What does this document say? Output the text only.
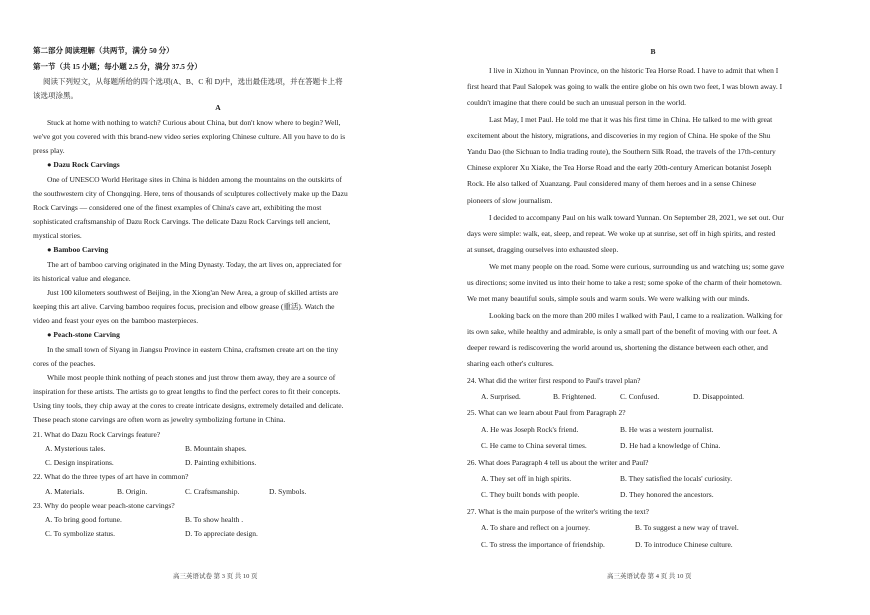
第二部分 阅读理解（共两节，满分 50 分）
第一节（共 15 小题；每小题 2.5 分，满分 37.5 分）
阅读下列短文，从每题所给的四个选项(A、B、C 和 D)中，选出最佳选项，并在答题卡上将
该选项涂黑。
A
Stuck at home with nothing to watch? Curious about China, but don't know where to begin? Well,
we've got you covered with this brand-new video series exploring Chinese culture. All you have to do is
press play.
● Dazu Rock Carvings
One of UNESCO World Heritage sites in China is hidden among the mountains on the outskirts of
the southwestern city of Chongqing. Here, tens of thousands of sculptures collectively make up the Dazu
Rock Carvings — considered one of the finest examples of China's cave art, exhibiting the most
sophisticated craftsmanship of Dazu Rock Carvings. The delicate Dazu Rock Carvings tell ancient,
mystical stories.
● Bamboo Carving
The art of bamboo carving originated in the Ming Dynasty. Today, the art lives on, appreciated for
its historical value and elegance.
Just 100 kilometers southwest of Beijing, in the Xiong'an New Area, a group of skilled artists are
keeping this art alive. Carving bamboo requires focus, precision and elbow grease (重活). Watch the
video and feast your eyes on the bamboo masterpieces.
● Peach-stone Carving
In the small town of Siyang in Jiangsu Province in eastern China, craftsmen create art on the tiny
cores of the peaches.
While most people think nothing of peach stones and just throw them away, they are a source of
inspiration for these artists. The artists go to great lengths to find the perfect cores to fit their concepts.
Using tiny tools, they chip away at the cores to create intricate designs, extremely detailed and delicate.
These peach stone carvings are often worn as jewelry symbolizing fortune in China.
21. What do Dazu Rock Carvings feature?
A. Mysterious tales.	B. Mountain shapes.
C. Design inspirations.	D. Painting exhibitions.
22. What do the three types of art have in common?
A. Materials.	B. Origin.	C. Craftsmanship.	D. Symbols.
23. Why do people wear peach-stone carvings?
A. To bring good fortune.	B. To show health .
C. To symbolize status.	D. To appreciate design.
高三英语试卷 第 3 页 共 10 页
B
I live in Xizhou in Yunnan Province, on the historic Tea Horse Road. I have to admit that when I
first heard that Paul Salopek was going to walk the entire globe on his own two feet, I was blown away. I
couldn't imagine that there could be such an unusual person in the world.
Last May, I met Paul. He told me that it was his first time in China. He talked to me with great
excitement about the history, migrations, and discoveries in my region of China. He spoke of the Shu
Yandu Dao (the Sichuan to India trading route), the Southern Silk Road, the travels of the 17th-century
Chinese explorer Xu Xiake, the Tea Horse Road and the early 20th-century American botanist Joseph
Rock. He also talked of Xuanzang. Paul considered many of them heroes and in a sense Chinese
pioneers of slow journalism.
I decided to accompany Paul on his walk toward Yunnan. On September 28, 2021, we set out. Our
days were simple: walk, eat, sleep, and repeat. We woke up at sunrise, set off in high spirits, and rested
at sunset, dragging ourselves into exhausted sleep.
We met many people on the road. Some were curious, surrounding us and watching us; some gave
us directions; some invited us into their home to take a rest; some spoke of the charm of their hometown.
We met many beautiful souls, simple souls and warm souls. We were walking with our minds.
Looking back on the more than 200 miles I walked with Paul, I came to a realization. Walking for
its own sake, while healthy and admirable, is only a small part of the benefit of moving with our feet. A
deeper reward is rediscovering the world around us, shortening the distance between each other, and
sharing each other's cultures.
24. What did the writer first respond to Paul's travel plan?
A. Surprised.	B. Frightened.	C. Confused.	D. Disappointed.
25. What can we learn about Paul from Paragraph 2?
A. He was Joseph Rock's friend.	B. He was a western journalist.
C. He came to China several times.	D. He had a knowledge of China.
26. What does Paragraph 4 tell us about the writer and Paul?
A. They set off in high spirits.	B. They satisfied the locals' curiosity.
C. They built bonds with people.	D. They honored the ancestors.
27. What is the main purpose of the writer's writing the text?
A. To share and reflect on a journey.	B. To suggest a new way of travel.
C. To stress the importance of friendship.	D. To introduce Chinese culture.
高三英语试卷 第 4 页 共 10 页
